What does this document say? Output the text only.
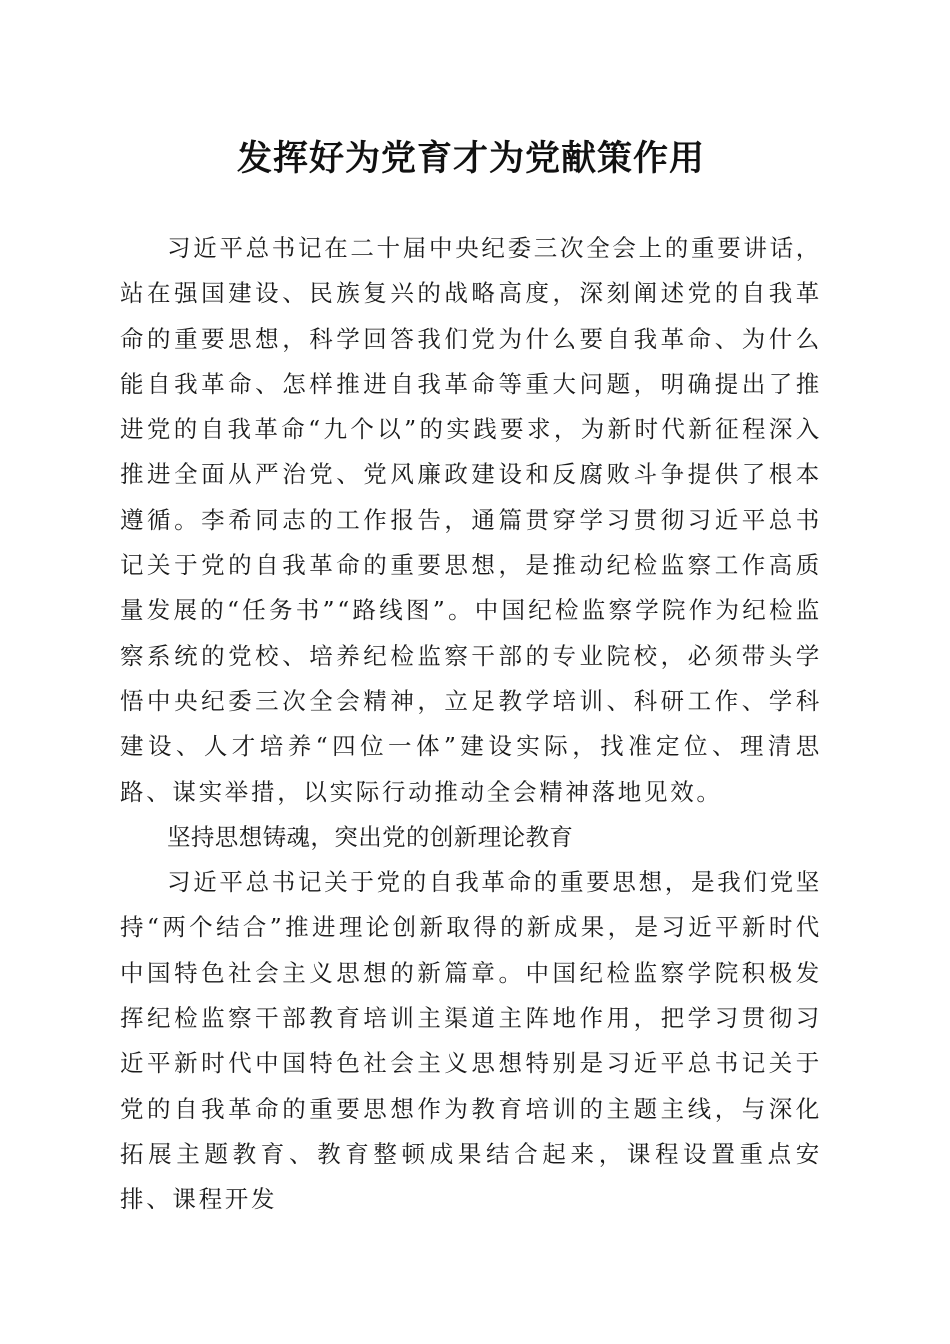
发挥好为党育才为党献策作用

习近平总书记在二十届中央纪委三次全会上的重要讲话，站在强国建设、民族复兴的战略高度，深刻阐述党的自我革命的重要思想，科学回答我们党为什么要自我革命、为什么能自我革命、怎样推进自我革命等重大问题，明确提出了推进党的自我革命“九个以”的实践要求，为新时代新征程深入推进全面从严治党、党风廉政建设和反腐败斗争提供了根本遵循。李希同志的工作报告，通篇贯穿学习贯彻习近平总书记关于党的自我革命的重要思想，是推动纪检监察工作高质量发展的“任务书”“路线图”。中国纪检监察学院作为纪检监察系统的党校、培养纪检监察干部的专业院校，必须带头学悟中央纪委三次全会精神，立足教学培训、科研工作、学科建设、人才培养“四位一体”建设实际，找准定位、理清思路、谋实举措，以实际行动推动全会精神落地见效。

坚持思想铸魂，突出党的创新理论教育

习近平总书记关于党的自我革命的重要思想，是我们党坚持“两个结合”推进理论创新取得的新成果，是习近平新时代中国特色社会主义思想的新篇章。中国纪检监察学院积极发挥纪检监察干部教育培训主渠道主阵地作用，把学习贯彻习近平新时代中国特色社会主义思想特别是习近平总书记关于党的自我革命的重要思想作为教育培训的主题主线，与深化拓展主题教育、教育整顿成果结合起来，课程设置重点安排、课程开发
